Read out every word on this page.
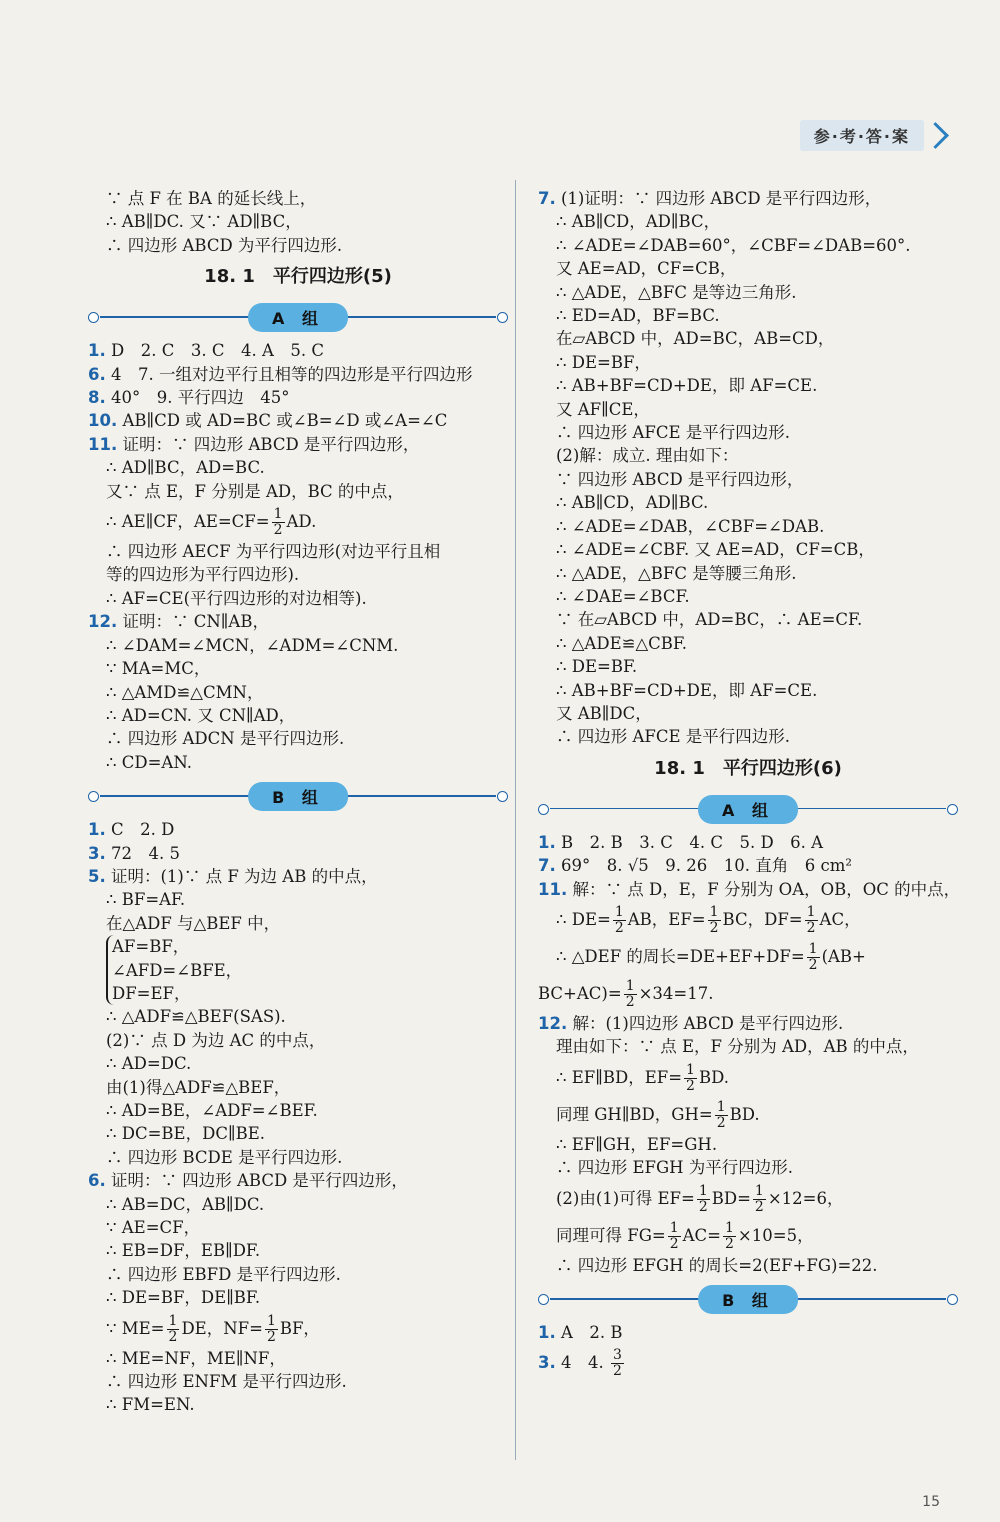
参·考·答·案
∵ 点 F 在 BA 的延长线上，
∴ AB∥DC. 又∵ AD∥BC，
∴ 四边形 ABCD 为平行四边形.
18. 1　平行四边形(5)
A 组
1. D　2. C　3. C　4. A　5. C
6. 4　7. 一组对边平行且相等的四边形是平行四边形
8. 40°　9. 平行四边　45°
10. AB∥CD 或 AD=BC 或∠B=∠D 或∠A=∠C
11. 证明：∵ 四边形 ABCD 是平行四边形，
∴ AD∥BC，AD=BC.
又∵ 点 E，F 分别是 AD，BC 的中点，
∴ AE∥CF，$AE=CF= \frac{1}{2}$ AD.
∴ 四边形 AECF 为平行四边形(对边平行且相
等的四边形为平行四边形).
∴ AF=CE(平行四边形的对边相等).
12. 证明：∵ CN∥AB，
∴ ∠DAM=∠MCN，∠ADM=∠CNM.
∵ MA=MC，
∴ △AMD≌△CMN，
∴ AD=CN. 又 CN∥AD，
∴ 四边形 ADCN 是平行四边形.
∴ CD=AN.
B 组
1. C　2. D
3. 72　4. 5
5. 证明：(1)∵ 点 F 为边 AB 的中点，
∴ BF=AF.
在△ADF 与△BEF 中，
AF=BF，
∠AFD=∠BFE，
DF=EF，
∴ △ADF≌△BEF(SAS).
(2)∵ 点 D 为边 AC 的中点，
∴ AD=DC.
由(1)得△ADF≌△BEF，
∴ AD=BE，∠ADF=∠BEF.
∴ DC=BE，DC∥BE.
∴ 四边形 BCDE 是平行四边形.
6. 证明：∵ 四边形 ABCD 是平行四边形，
∴ AB=DC，AB∥DC.
∵ AE=CF，
∴ EB=DF，EB∥DF.
∴ 四边形 EBFD 是平行四边形.
∴ DE=BF，DE∥BF.
∵ $ME= \frac{1}{2}$ DE，$NF= \frac{1}{2}$ BF，
∴ ME=NF，ME∥NF，
∴ 四边形 ENFM 是平行四边形.
∴ FM=EN.
7. (1)证明：∵ 四边形 ABCD 是平行四边形，
∴ AB∥CD，AD∥BC，
∴ ∠ADE=∠DAB=60°，∠CBF=∠DAB=60°.
又 AE=AD，CF=CB，
∴ △ADE，△BFC 是等边三角形.
∴ ED=AD，BF=BC.
在▱ABCD 中，AD=BC，AB=CD，
∴ DE=BF，
∴ AB+BF=CD+DE，即 AF=CE.
又 AF∥CE，
∴ 四边形 AFCE 是平行四边形.
(2)解：成立. 理由如下：
∵ 四边形 ABCD 是平行四边形，
∴ AB∥CD，AD∥BC.
∴ ∠ADE=∠DAB，∠CBF=∠DAB.
∴ ∠ADE=∠CBF. 又 AE=AD，CF=CB，
∴ △ADE，△BFC 是等腰三角形.
∴ ∠DAE=∠BCF.
∵ 在▱ABCD 中，AD=BC，∴ AE=CF.
∴ △ADE≌△CBF.
∴ DE=BF.
∴ AB+BF=CD+DE，即 AF=CE.
又 AB∥DC，
∴ 四边形 AFCE 是平行四边形.
18. 1　平行四边形(6)
A 组
1. B　2. B　3. C　4. C　5. D　6. A
7. 69°　8. √5　9. 26　10. 直角　6 cm²
11. 解：∵ 点 D，E，F 分别为 OA，OB，OC 的中点，
∴ $DE= \frac{1}{2}$ AB，$EF= \frac{1}{2}$ BC，$DF= \frac{1}{2}$ AC，
∴ △DEF 的周长$=DE+EF+DF= \frac{1}{2} (AB+$
$BC+AC)= \frac{1}{2} \times 34=17$.
12. 解：(1)四边形 ABCD 是平行四边形.
理由如下：∵ 点 E，F 分别为 AD，AB 的中点，
∴ EF∥BD，$EF= \frac{1}{2}$ BD.
同理 GH∥BD，$GH= \frac{1}{2}$ BD.
∴ EF∥GH，EF=GH.
∴ 四边形 EFGH 为平行四边形.
(2)由(1)可得 $EF= \frac{1}{2} BD= \frac{1}{2} \times 12=6$，
同理可得 $FG= \frac{1}{2} AC= \frac{1}{2} \times 10=5$，
∴ 四边形 EFGH 的周长=2(EF+FG)=22.
B 组
1. A　2. B
3. 4　4. $\frac{3}{2}$
15
